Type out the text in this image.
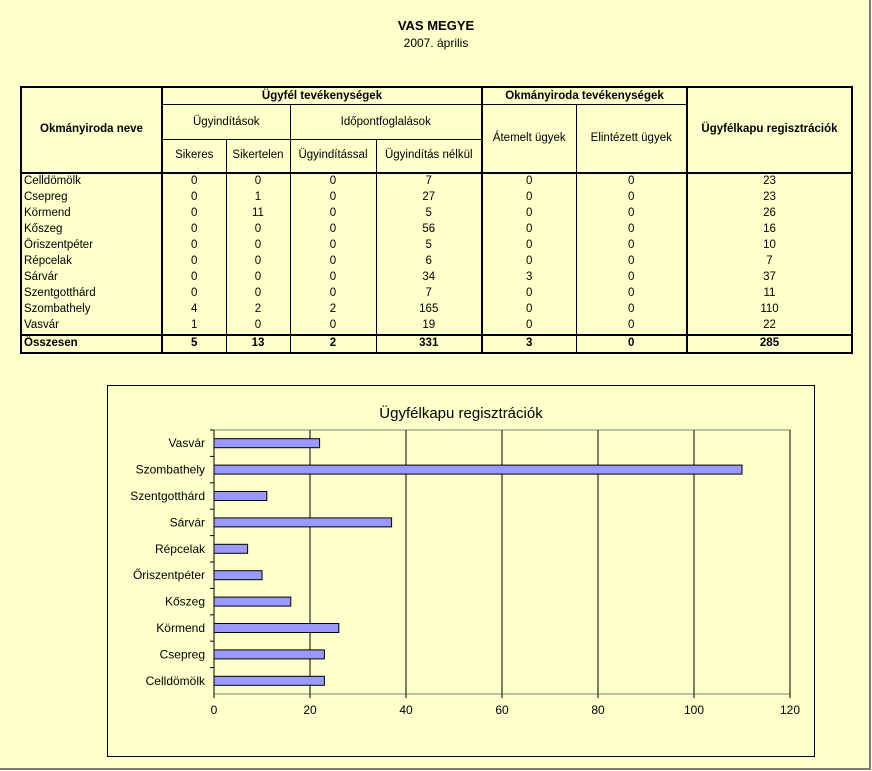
VAS MEGYE
2007. április
Okmányiroda neve	Ügyfél tevékenységek				Okmányiroda tevékenységek		Ügyfélkapu regisztrációk
	Ügyindítások		Időpontfoglalások		Átemelt ügyek	Elintézett ügyek	
	Sikeres	Sikertelen	Ügyindítással	Ügyindítás nélkül			
Celldömölk	0	0	0	7	0	0	23
Csepreg	0	1	0	27	0	0	23
Körmend	0	11	0	5	0	0	26
Kőszeg	0	0	0	56	0	0	16
Őriszentpéter	0	0	0	5	0	0	10
Répcelak	0	0	0	6	0	0	7
Sárvár	0	0	0	34	3	0	37
Szentgotthárd	0	0	0	7	0	0	11
Szombathely	4	2	2	165	0	0	110
Vasvár	1	0	0	19	0	0	22
Összesen	5	13	2	331	3	0	285
Ügyfélkapu regisztrációk
0	20	40	60	80	100	120
Vasvár
Szombathely
Szentgotthárd
Sárvár
Répcelak
Őriszentpéter
Kőszeg
Körmend
Csepreg
Celldömölk
